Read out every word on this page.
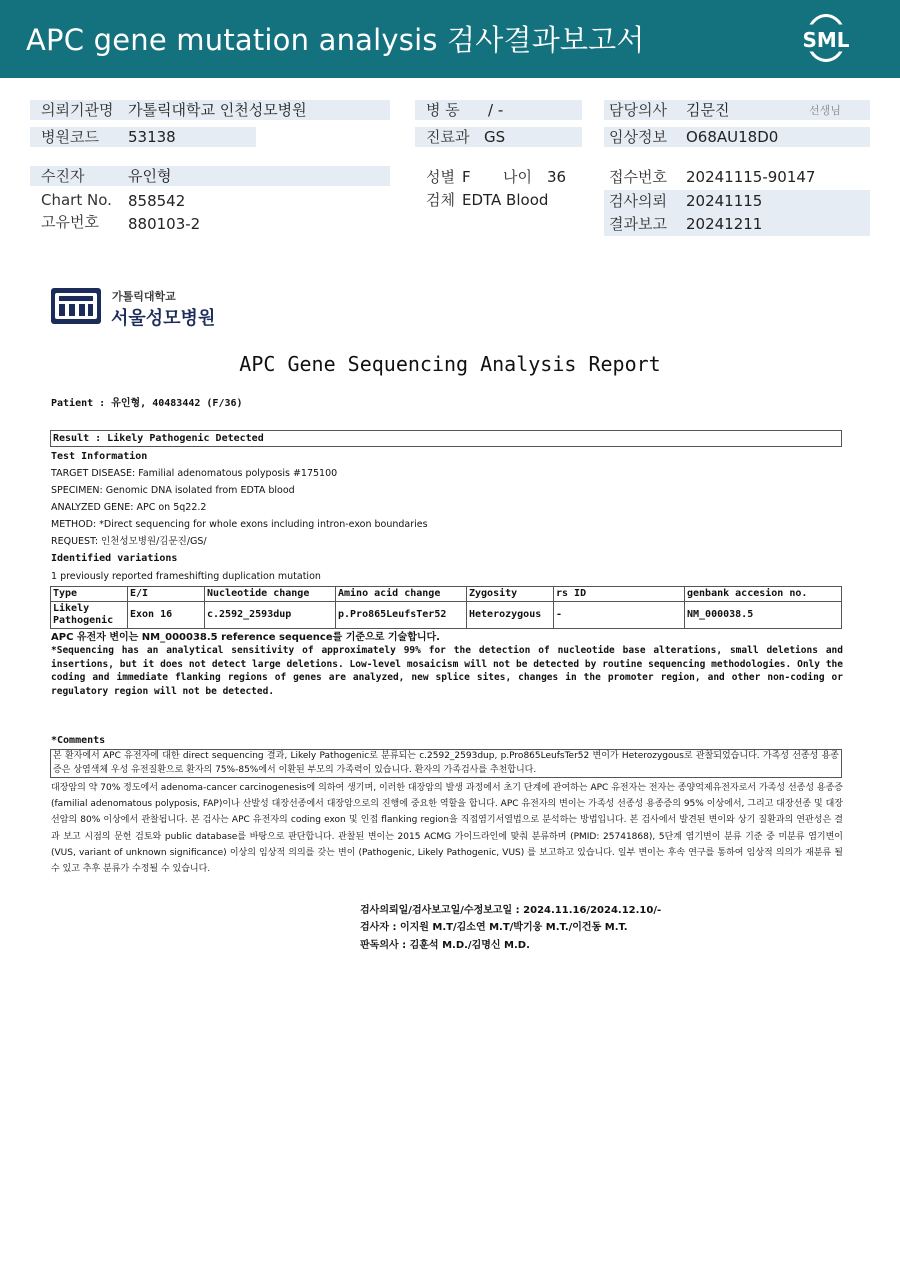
APC gene mutation analysis 검사결과보고서	SML
의뢰기관명 가톨릭대학교 인천성모병원	병 동 / -	담당의사 김문진	선생님
병원코드 53138	진료과 GS	임상정보 O68AU18D0
수진자	유인형	성별 F 나이 36	접수번호 20241115-90147
Chart No. 858542	검체 EDTA Blood	검사의뢰 20241115
고유번호 880103-2	결과보고 20241211
가톨릭대학교
서울성모병원
APC Gene Sequencing Analysis Report
Patient : 유인형, 40483442 (F/36)
Result : Likely Pathogenic Detected
Test Information
TARGET DISEASE: Familial adenomatous polyposis #175100
SPECIMEN: Genomic DNA isolated from EDTA blood
ANALYZED GENE: APC on 5q22.2
METHOD: *Direct sequencing for whole exons including intron-exon boundaries
REQUEST: 인천성모병원/김문진/GS/
Identified variations
1 previously reported frameshifting duplication mutation
Type	E/I	Nucleotide change	Amino acid change	Zygosity	rs ID	genbank accesion no.
Likely Pathogenic	Exon 16	c.2592_2593dup	p.Pro865LeufsTer52	Heterozygous	-	NM_000038.5
APC 유전자 변이는 NM_000038.5 reference sequence를 기준으로 기술합니다.
*Sequencing has an analytical sensitivity of approximately 99% for the detection of nucleotide base alterations, small deletions and insertions, but it does not detect large deletions. Low-level mosaicism will not be detected by routine sequencing methodologies. Only the coding and immediate flanking regions of genes are analyzed, new splice sites, changes in the promoter region, and other non-coding or regulatory region will not be detected.
*Comments
본 환자에서 APC 유전자에 대한 direct sequencing 결과, Likely Pathogenic로 분류되는 c.2592_2593dup, p.Pro865LeufsTer52 변이가 Heterozygous로 관찰되었습니다. 가족성 선종성 용종증은 상염색체 우성 유전질환으로 환자의 75%-85%에서 이환된 부모의 가족력이 있습니다. 환자의 가족검사를 추천합니다.
대장암의 약 70% 정도에서 adenoma-cancer carcinogenesis에 의하여 생기며, 이러한 대장암의 발생 과정에서 초기 단계에 관여하는 APC 유전자는 전자는 종양억제유전자로서 가족성 선종성 용종증 (familial adenomatous polyposis, FAP)이나 산발성 대장선종에서 대장암으로의 진행에 중요한 역할을 합니다. APC 유전자의 변이는 가족성 선종성 용종증의 95% 이상에서, 그리고 대장선종 및 대장선암의 80% 이상에서 관찰됩니다. 본 검사는 APC 유전자의 coding exon 및 인접 flanking region을 직접염기서열법으로 분석하는 방법입니다. 본 검사에서 발견된 변이와 상기 질환과의 연관성은 결과 보고 시점의 문헌 검토와 public database를 바탕으로 판단합니다. 관찰된 변이는 2015 ACMG 가이드라인에 맞춰 분류하며 (PMID: 25741868), 5단계 염기변이 분류 기준 중 미분류 염기변이 (VUS, variant of unknown significance) 이상의 임상적 의의를 갖는 변이 (Pathogenic, Likely Pathogenic, VUS) 를 보고하고 있습니다. 일부 변이는 후속 연구를 통하여 임상적 의의가 재분류 될 수 있고 추후 분류가 수정될 수 있습니다.
검사의뢰일/검사보고일/수정보고일 : 2024.11.16/2024.12.10/-
검사자 : 이지원 M.T/김소연 M.T/박기웅 M.T./이건동 M.T.
판독의사 : 김훈석 M.D./김명신 M.D.
